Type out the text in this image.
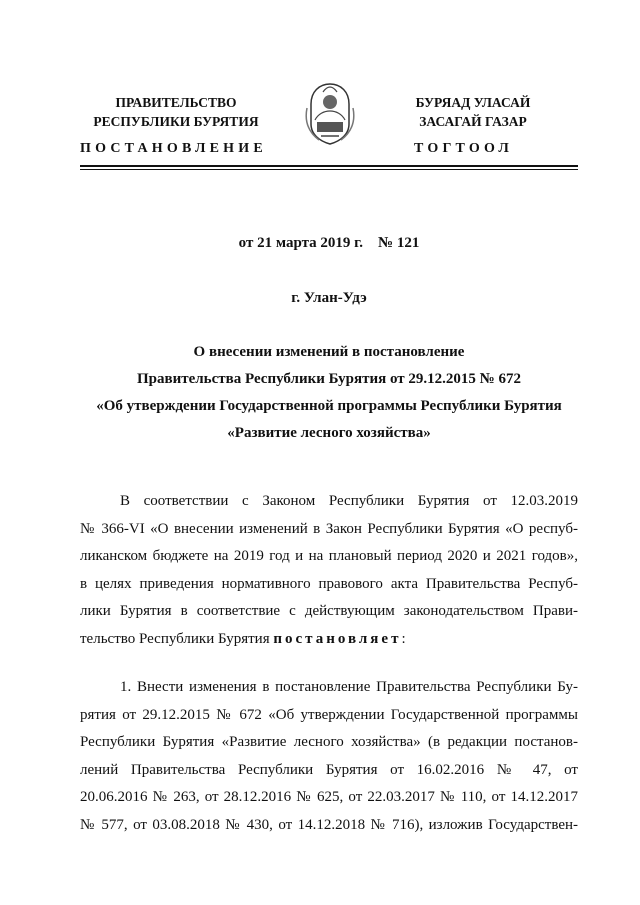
ПРАВИТЕЛЬСТВО
РЕСПУБЛИКИ БУРЯТИЯ
БУРЯАД УЛАСАЙ
ЗАСАГАЙ ГАЗАР
ПОСТАНОВЛЕНИЕ	ТОГТООЛ
от 21 марта 2019 г.    № 121
г. Улан-Удэ
О внесении изменений в постановление
Правительства Республики Бурятия от 29.12.2015 № 672
«Об утверждении Государственной программы Республики Бурятия
«Развитие лесного хозяйства»
В соответствии с Законом Республики Бурятия от 12.03.2019
№ 366-VI «О внесении изменений в Закон Республики Бурятия «О респуб-
ликанском бюджете на 2019 год и на плановый период 2020 и 2021 годов»,
в целях приведения нормативного правового акта Правительства Респуб-
лики Бурятия в соответствие с действующим законодательством Прави-
тельство Республики Бурятия постановляет:
1. Внести изменения в постановление Правительства Республики Бу-
рятия от 29.12.2015 № 672 «Об утверждении Государственной программы
Республики Бурятия «Развитие лесного хозяйства» (в редакции постанов-
лений Правительства Республики Бурятия от 16.02.2016 № 47, от
20.06.2016 № 263, от 28.12.2016 № 625, от 22.03.2017 № 110, от 14.12.2017
№ 577, от 03.08.2018 № 430, от 14.12.2018 № 716), изложив Государствен-
